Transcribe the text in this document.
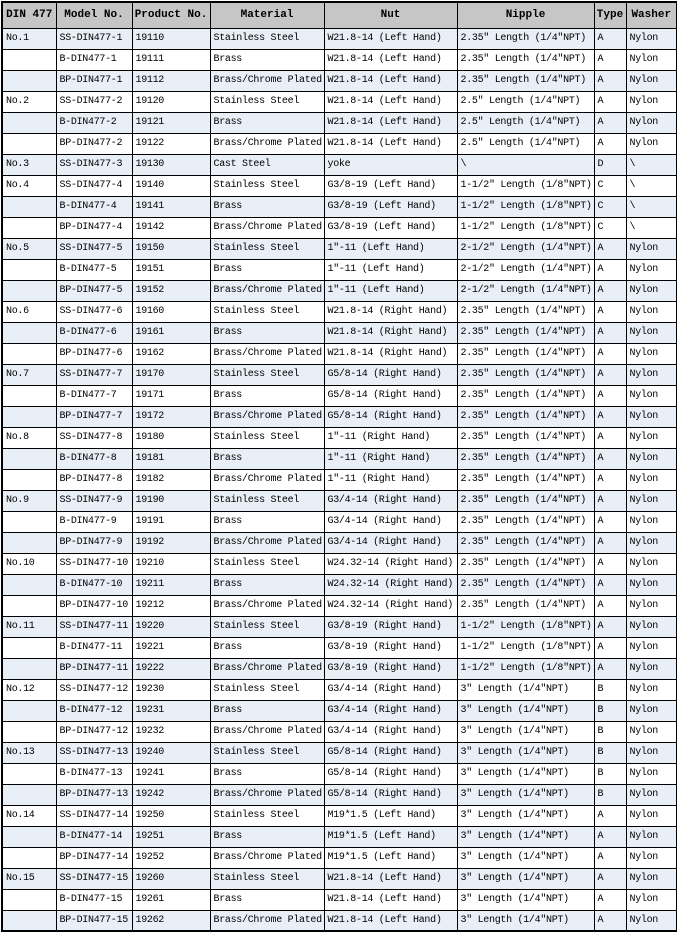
DIN 477	Model No.	Product No.	Material	Nut	Nipple	Type	Washer
No.1	SS-DIN477-1	19110	Stainless Steel	W21.8-14 (Left Hand)	2.35″ Length (1/4″NPT)	A	Nylon
	B-DIN477-1	19111	Brass	W21.8-14 (Left Hand)	2.35″ Length (1/4″NPT)	A	Nylon
	BP-DIN477-1	19112	Brass/Chrome Plated	W21.8-14 (Left Hand)	2.35″ Length (1/4″NPT)	A	Nylon
No.2	SS-DIN477-2	19120	Stainless Steel	W21.8-14 (Left Hand)	2.5″ Length (1/4″NPT)	A	Nylon
	B-DIN477-2	19121	Brass	W21.8-14 (Left Hand)	2.5″ Length (1/4″NPT)	A	Nylon
	BP-DIN477-2	19122	Brass/Chrome Plated	W21.8-14 (Left Hand)	2.5″ Length (1/4″NPT)	A	Nylon
No.3	SS-DIN477-3	19130	Cast Steel	yoke	\	D	\
No.4	SS-DIN477-4	19140	Stainless Steel	G3/8-19 (Left Hand)	1-1/2″ Length (1/8″NPT)	C	\
	B-DIN477-4	19141	Brass	G3/8-19 (Left Hand)	1-1/2″ Length (1/8″NPT)	C	\
	BP-DIN477-4	19142	Brass/Chrome Plated	G3/8-19 (Left Hand)	1-1/2″ Length (1/8″NPT)	C	\
No.5	SS-DIN477-5	19150	Stainless Steel	1″-11 (Left Hand)	2-1/2″ Length (1/4″NPT)	A	Nylon
	B-DIN477-5	19151	Brass	1″-11 (Left Hand)	2-1/2″ Length (1/4″NPT)	A	Nylon
	BP-DIN477-5	19152	Brass/Chrome Plated	1″-11 (Left Hand)	2-1/2″ Length (1/4″NPT)	A	Nylon
No.6	SS-DIN477-6	19160	Stainless Steel	W21.8-14 (Right Hand)	2.35″ Length (1/4″NPT)	A	Nylon
	B-DIN477-6	19161	Brass	W21.8-14 (Right Hand)	2.35″ Length (1/4″NPT)	A	Nylon
	BP-DIN477-6	19162	Brass/Chrome Plated	W21.8-14 (Right Hand)	2.35″ Length (1/4″NPT)	A	Nylon
No.7	SS-DIN477-7	19170	Stainless Steel	G5/8-14 (Right Hand)	2.35″ Length (1/4″NPT)	A	Nylon
	B-DIN477-7	19171	Brass	G5/8-14 (Right Hand)	2.35″ Length (1/4″NPT)	A	Nylon
	BP-DIN477-7	19172	Brass/Chrome Plated	G5/8-14 (Right Hand)	2.35″ Length (1/4″NPT)	A	Nylon
No.8	SS-DIN477-8	19180	Stainless Steel	1″-11 (Right Hand)	2.35″ Length (1/4″NPT)	A	Nylon
	B-DIN477-8	19181	Brass	1″-11 (Right Hand)	2.35″ Length (1/4″NPT)	A	Nylon
	BP-DIN477-8	19182	Brass/Chrome Plated	1″-11 (Right Hand)	2.35″ Length (1/4″NPT)	A	Nylon
No.9	SS-DIN477-9	19190	Stainless Steel	G3/4-14 (Right Hand)	2.35″ Length (1/4″NPT)	A	Nylon
	B-DIN477-9	19191	Brass	G3/4-14 (Right Hand)	2.35″ Length (1/4″NPT)	A	Nylon
	BP-DIN477-9	19192	Brass/Chrome Plated	G3/4-14 (Right Hand)	2.35″ Length (1/4″NPT)	A	Nylon
No.10	SS-DIN477-10	19210	Stainless Steel	W24.32-14 (Right Hand)	2.35″ Length (1/4″NPT)	A	Nylon
	B-DIN477-10	19211	Brass	W24.32-14 (Right Hand)	2.35″ Length (1/4″NPT)	A	Nylon
	BP-DIN477-10	19212	Brass/Chrome Plated	W24.32-14 (Right Hand)	2.35″ Length (1/4″NPT)	A	Nylon
No.11	SS-DIN477-11	19220	Stainless Steel	G3/8-19 (Right Hand)	1-1/2″ Length (1/8″NPT)	A	Nylon
	B-DIN477-11	19221	Brass	G3/8-19 (Right Hand)	1-1/2″ Length (1/8″NPT)	A	Nylon
	BP-DIN477-11	19222	Brass/Chrome Plated	G3/8-19 (Right Hand)	1-1/2″ Length (1/8″NPT)	A	Nylon
No.12	SS-DIN477-12	19230	Stainless Steel	G3/4-14 (Right Hand)	3″ Length (1/4″NPT)	B	Nylon
	B-DIN477-12	19231	Brass	G3/4-14 (Right Hand)	3″ Length (1/4″NPT)	B	Nylon
	BP-DIN477-12	19232	Brass/Chrome Plated	G3/4-14 (Right Hand)	3″ Length (1/4″NPT)	B	Nylon
No.13	SS-DIN477-13	19240	Stainless Steel	G5/8-14 (Right Hand)	3″ Length (1/4″NPT)	B	Nylon
	B-DIN477-13	19241	Brass	G5/8-14 (Right Hand)	3″ Length (1/4″NPT)	B	Nylon
	BP-DIN477-13	19242	Brass/Chrome Plated	G5/8-14 (Right Hand)	3″ Length (1/4″NPT)	B	Nylon
No.14	SS-DIN477-14	19250	Stainless Steel	M19*1.5 (Left Hand)	3″ Length (1/4″NPT)	A	Nylon
	B-DIN477-14	19251	Brass	M19*1.5 (Left Hand)	3″ Length (1/4″NPT)	A	Nylon
	BP-DIN477-14	19252	Brass/Chrome Plated	M19*1.5 (Left Hand)	3″ Length (1/4″NPT)	A	Nylon
No.15	SS-DIN477-15	19260	Stainless Steel	W21.8-14 (Left Hand)	3″ Length (1/4″NPT)	A	Nylon
	B-DIN477-15	19261	Brass	W21.8-14 (Left Hand)	3″ Length (1/4″NPT)	A	Nylon
	BP-DIN477-15	19262	Brass/Chrome Plated	W21.8-14 (Left Hand)	3″ Length (1/4″NPT)	A	Nylon
